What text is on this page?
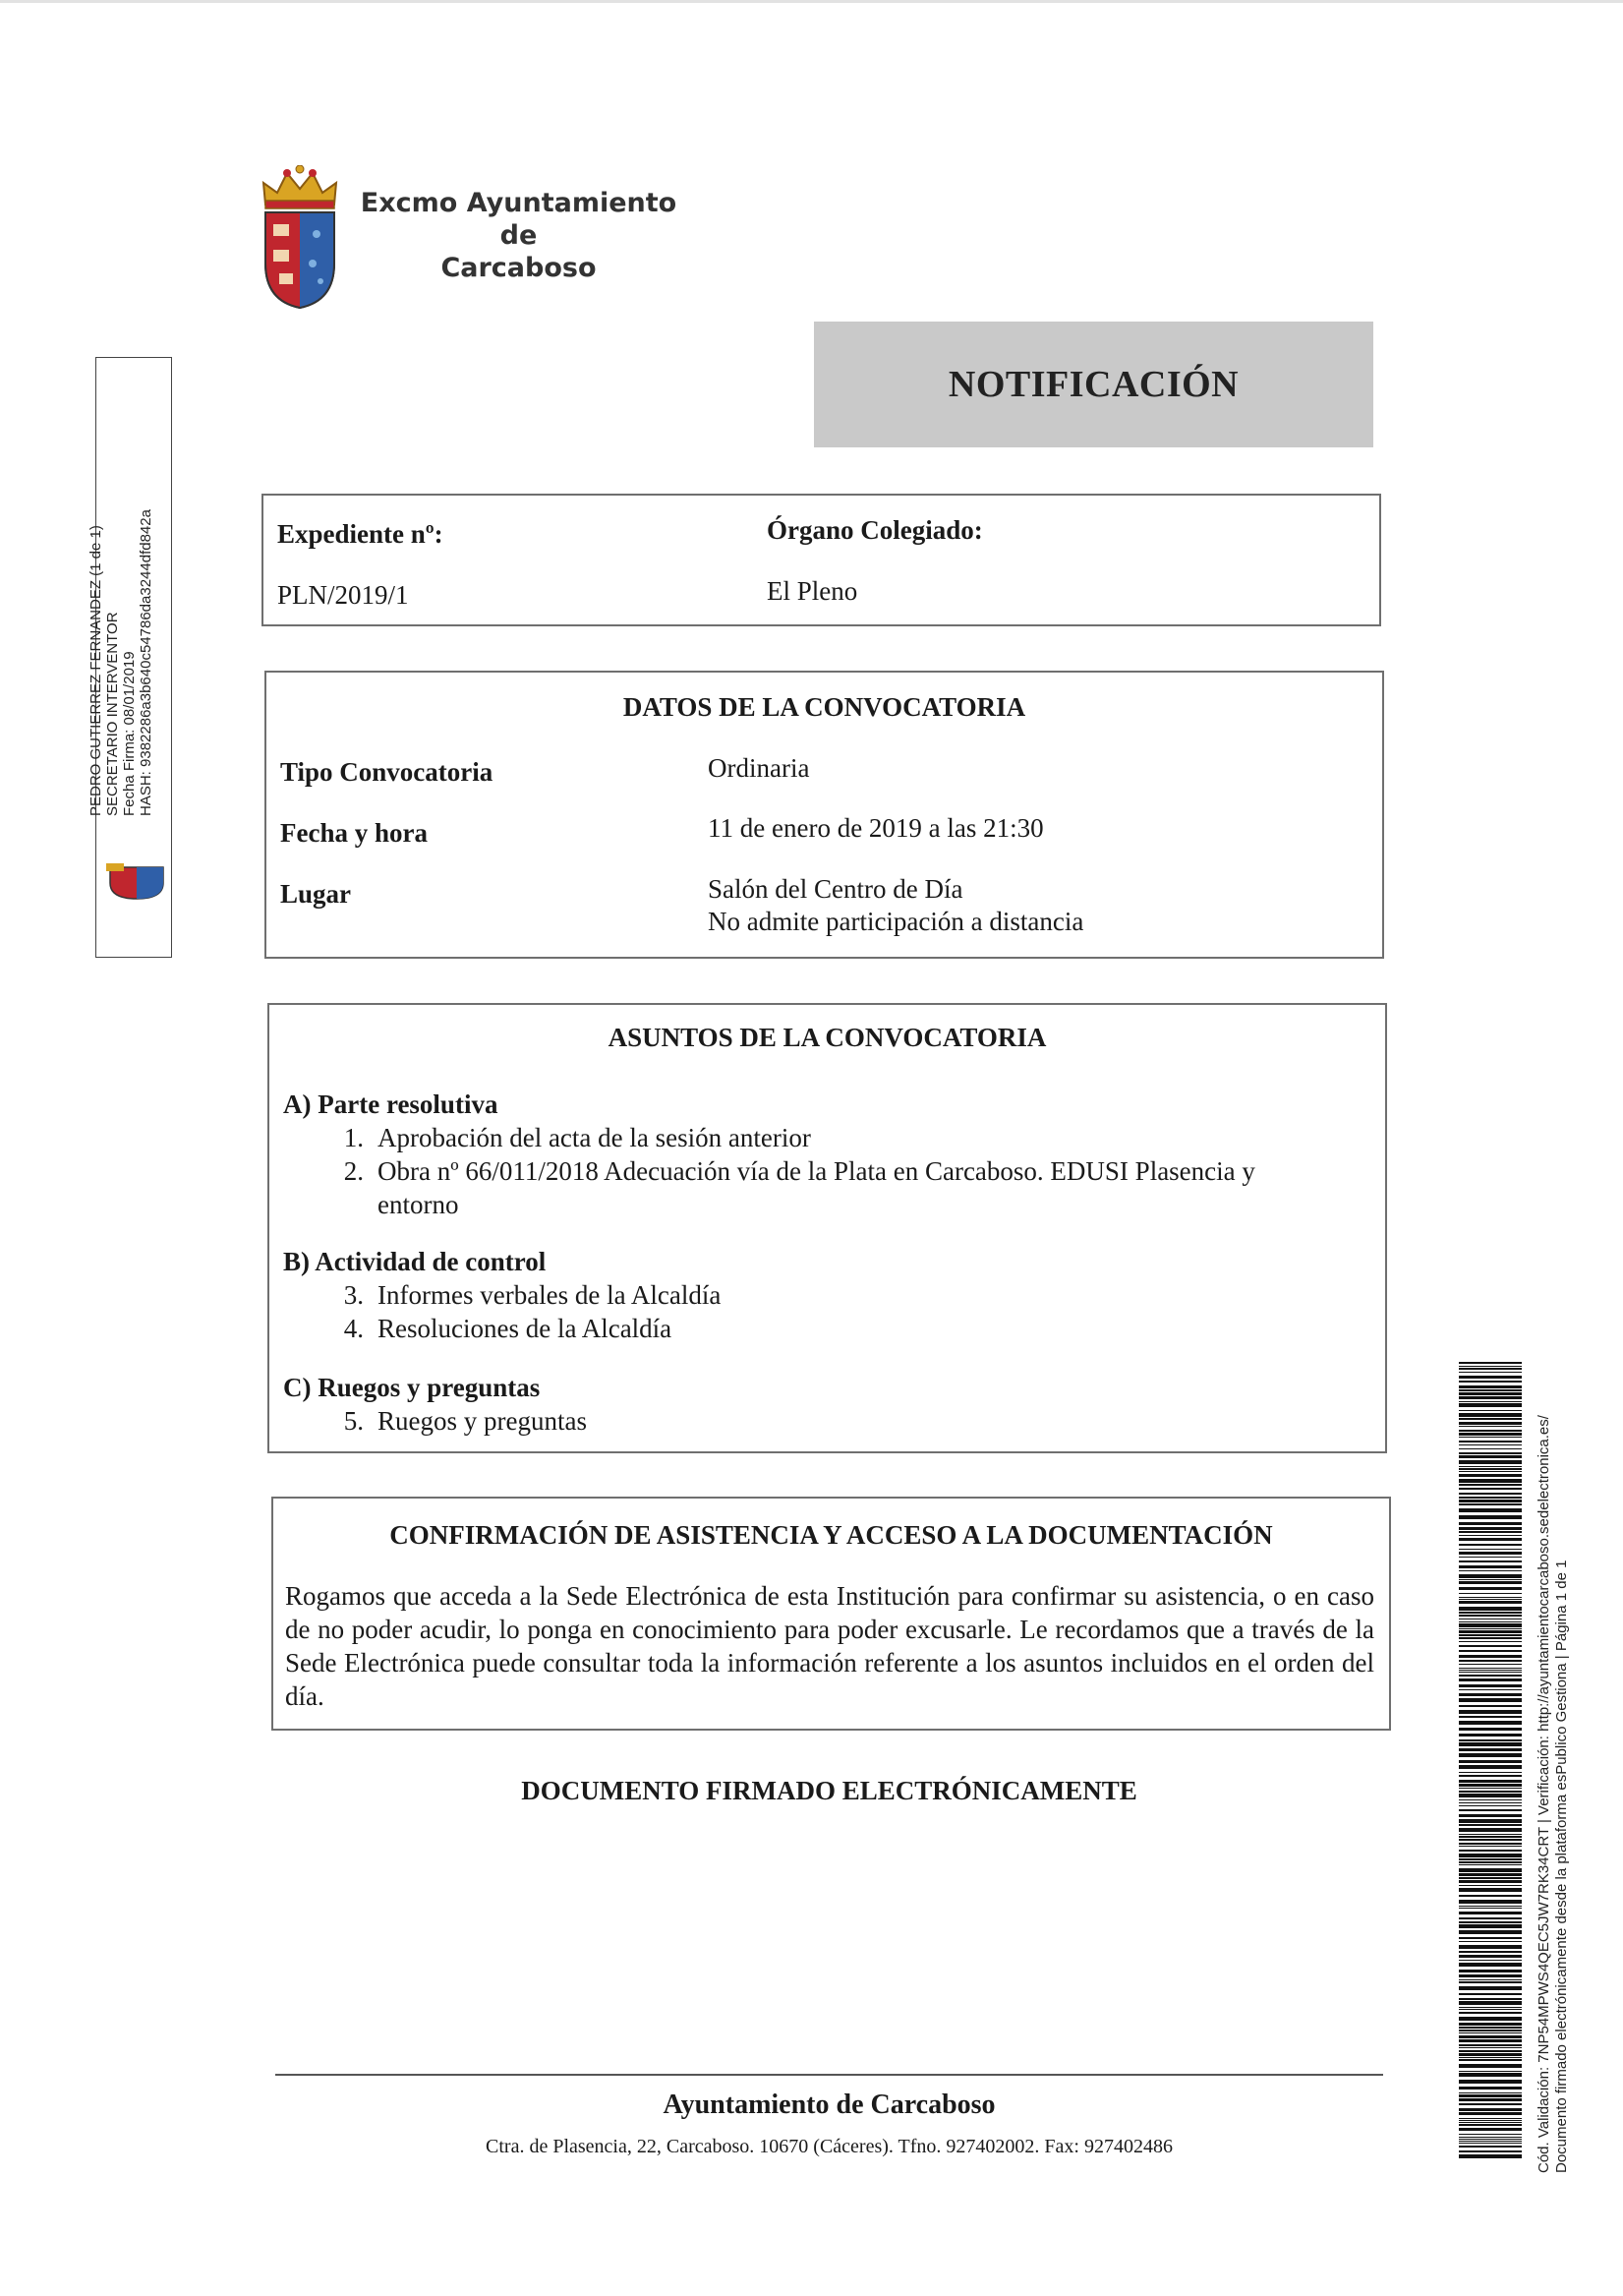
Excmo Ayuntamiento
de
Carcaboso
NOTIFICACIÓN
PEDRO GUTIERREZ FERNANDEZ (1 de 1) SECRETARIO INTERVENTOR Fecha Firma: 08/01/2019 HASH: 9382286a3b640c54786da3244dfd842a	Expediente nº:
PLN/2019/1
Órgano Colegiado:
El Pleno
DATOS DE LA CONVOCATORIA
Tipo Convocatoria	Ordinaria
Fecha y hora	11 de enero de 2019 a las 21:30
Lugar	Salón del Centro de Día
No admite participación a distancia
ASUNTOS DE LA CONVOCATORIA
A) Parte resolutiva
1. Aprobación del acta de la sesión anterior
2. Obra nº 66/011/2018 Adecuación vía de la Plata en Carcaboso. EDUSI Plasencia y entorno
B) Actividad de control
3. Informes verbales de la Alcaldía
4. Resoluciones de la Alcaldía
C) Ruegos y preguntas
5. Ruegos y preguntas
CONFIRMACIÓN DE ASISTENCIA Y ACCESO A LA DOCUMENTACIÓN
Rogamos que acceda a la Sede Electrónica de esta Institución para confirmar su asistencia, o en caso de no poder acudir, lo ponga en conocimiento para poder excusarle. Le recordamos que a través de la Sede Electrónica puede consultar toda la información referente a los asuntos incluidos en el orden del día.
DOCUMENTO FIRMADO ELECTRÓNICAMENTE	Cód. Validación: 7NP54MPWS4QEC5JW7RK34CRT | Verificación: http://ayuntamientocarcaboso.sedelectronica.es/ Documento firmado electrónicamente desde la plataforma esPublico Gestiona | Página 1 de 1
Ayuntamiento de Carcaboso
Ctra. de Plasencia, 22, Carcaboso. 10670 (Cáceres). Tfno. 927402002. Fax: 927402486
